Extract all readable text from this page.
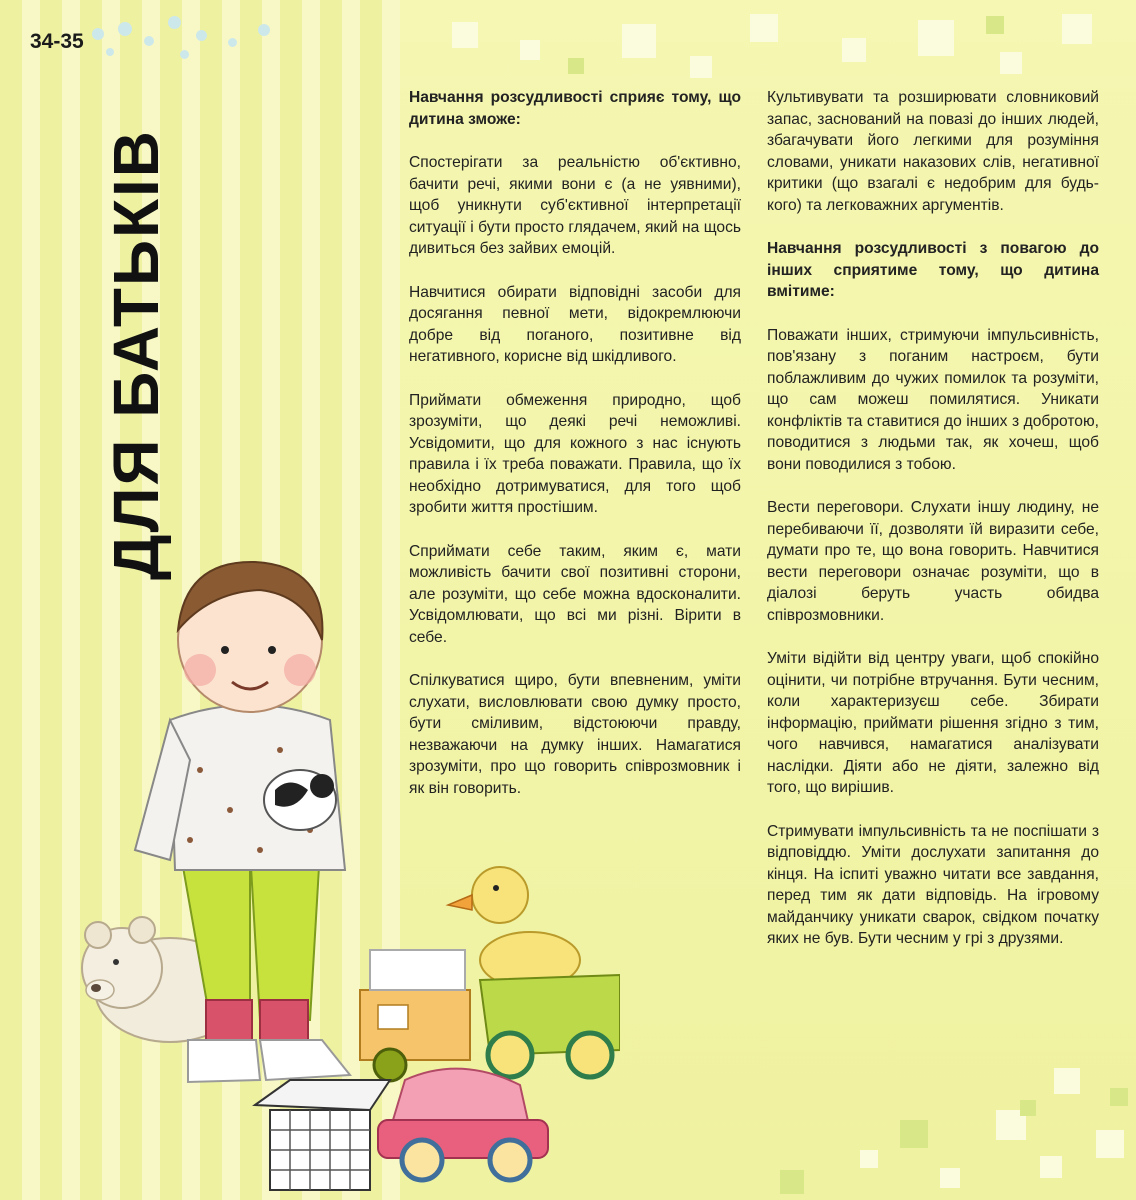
34-35
ДЛЯ БАТЬКІВ

Навчання розсудливості сприяє тому, що дитина зможе:

Спостерігати за реальністю об'єктивно, бачити речі, якими вони є (а не уявними), щоб уникнути суб'єктивної інтерпретації ситуації і бути просто глядачем, який на щось дивиться без зайвих емоцій.

Навчитися обирати відповідні засоби для досягання певної мети, відокремлюючи добре від поганого, позитивне від негативного, корисне від шкідливого.

Приймати обмеження природно, щоб зрозуміти, що деякі речі неможливі. Усвідомити, що для кожного з нас існують правила і їх треба поважати. Правила, що їх необхідно дотримуватися, для того щоб зробити життя простішим.

Сприймати себе таким, яким є, мати можливість бачити свої позитивні сторони, але розуміти, що себе можна вдосконалити. Усвідомлювати, що всі ми різні. Вірити в себе.

Спілкуватися щиро, бути впевненим, уміти слухати, висловлювати свою думку просто, бути сміливим, відстоюючи правду, незважаючи на думку інших. Намагатися зрозуміти, про що говорить співрозмовник і як він говорить.

Культивувати та розширювати словниковий запас, заснований на повазі до інших людей, збагачувати його легкими для розуміння словами, уникати наказових слів, негативної критики (що взагалі є недобрим для будь-кого) та легковажних аргументів.

Навчання розсудливості з повагою до інших сприятиме тому, що дитина вмітиме:

Поважати інших, стримуючи імпульсивність, пов'язану з поганим настроєм, бути поблажливим до чужих помилок та розуміти, що сам можеш помилятися. Уникати конфліктів та ставитися до інших з добротою, поводитися з людьми так, як хочеш, щоб вони поводилися з тобою.

Вести переговори. Слухати іншу людину, не перебиваючи її, дозволяти їй виразити себе, думати про те, що вона говорить. Навчитися вести переговори означає розуміти, що в діалозі беруть участь обидва співрозмовники.

Уміти відійти від центру уваги, щоб спокійно оцінити, чи потрібне втручання. Бути чесним, коли характеризуєш себе. Збирати інформацію, приймати рішення згідно з тим, чого навчився, намагатися аналізувати наслідки. Діяти або не діяти, залежно від того, що вирішив.

Стримувати імпульсивність та не поспішати з відповіддю. Уміти дослухати запитання до кінця. На іспиті уважно читати все завдання, перед тим як дати відповідь. На ігровому майданчику уникати сварок, свідком початку яких не був. Бути чесним у грі з друзями.
